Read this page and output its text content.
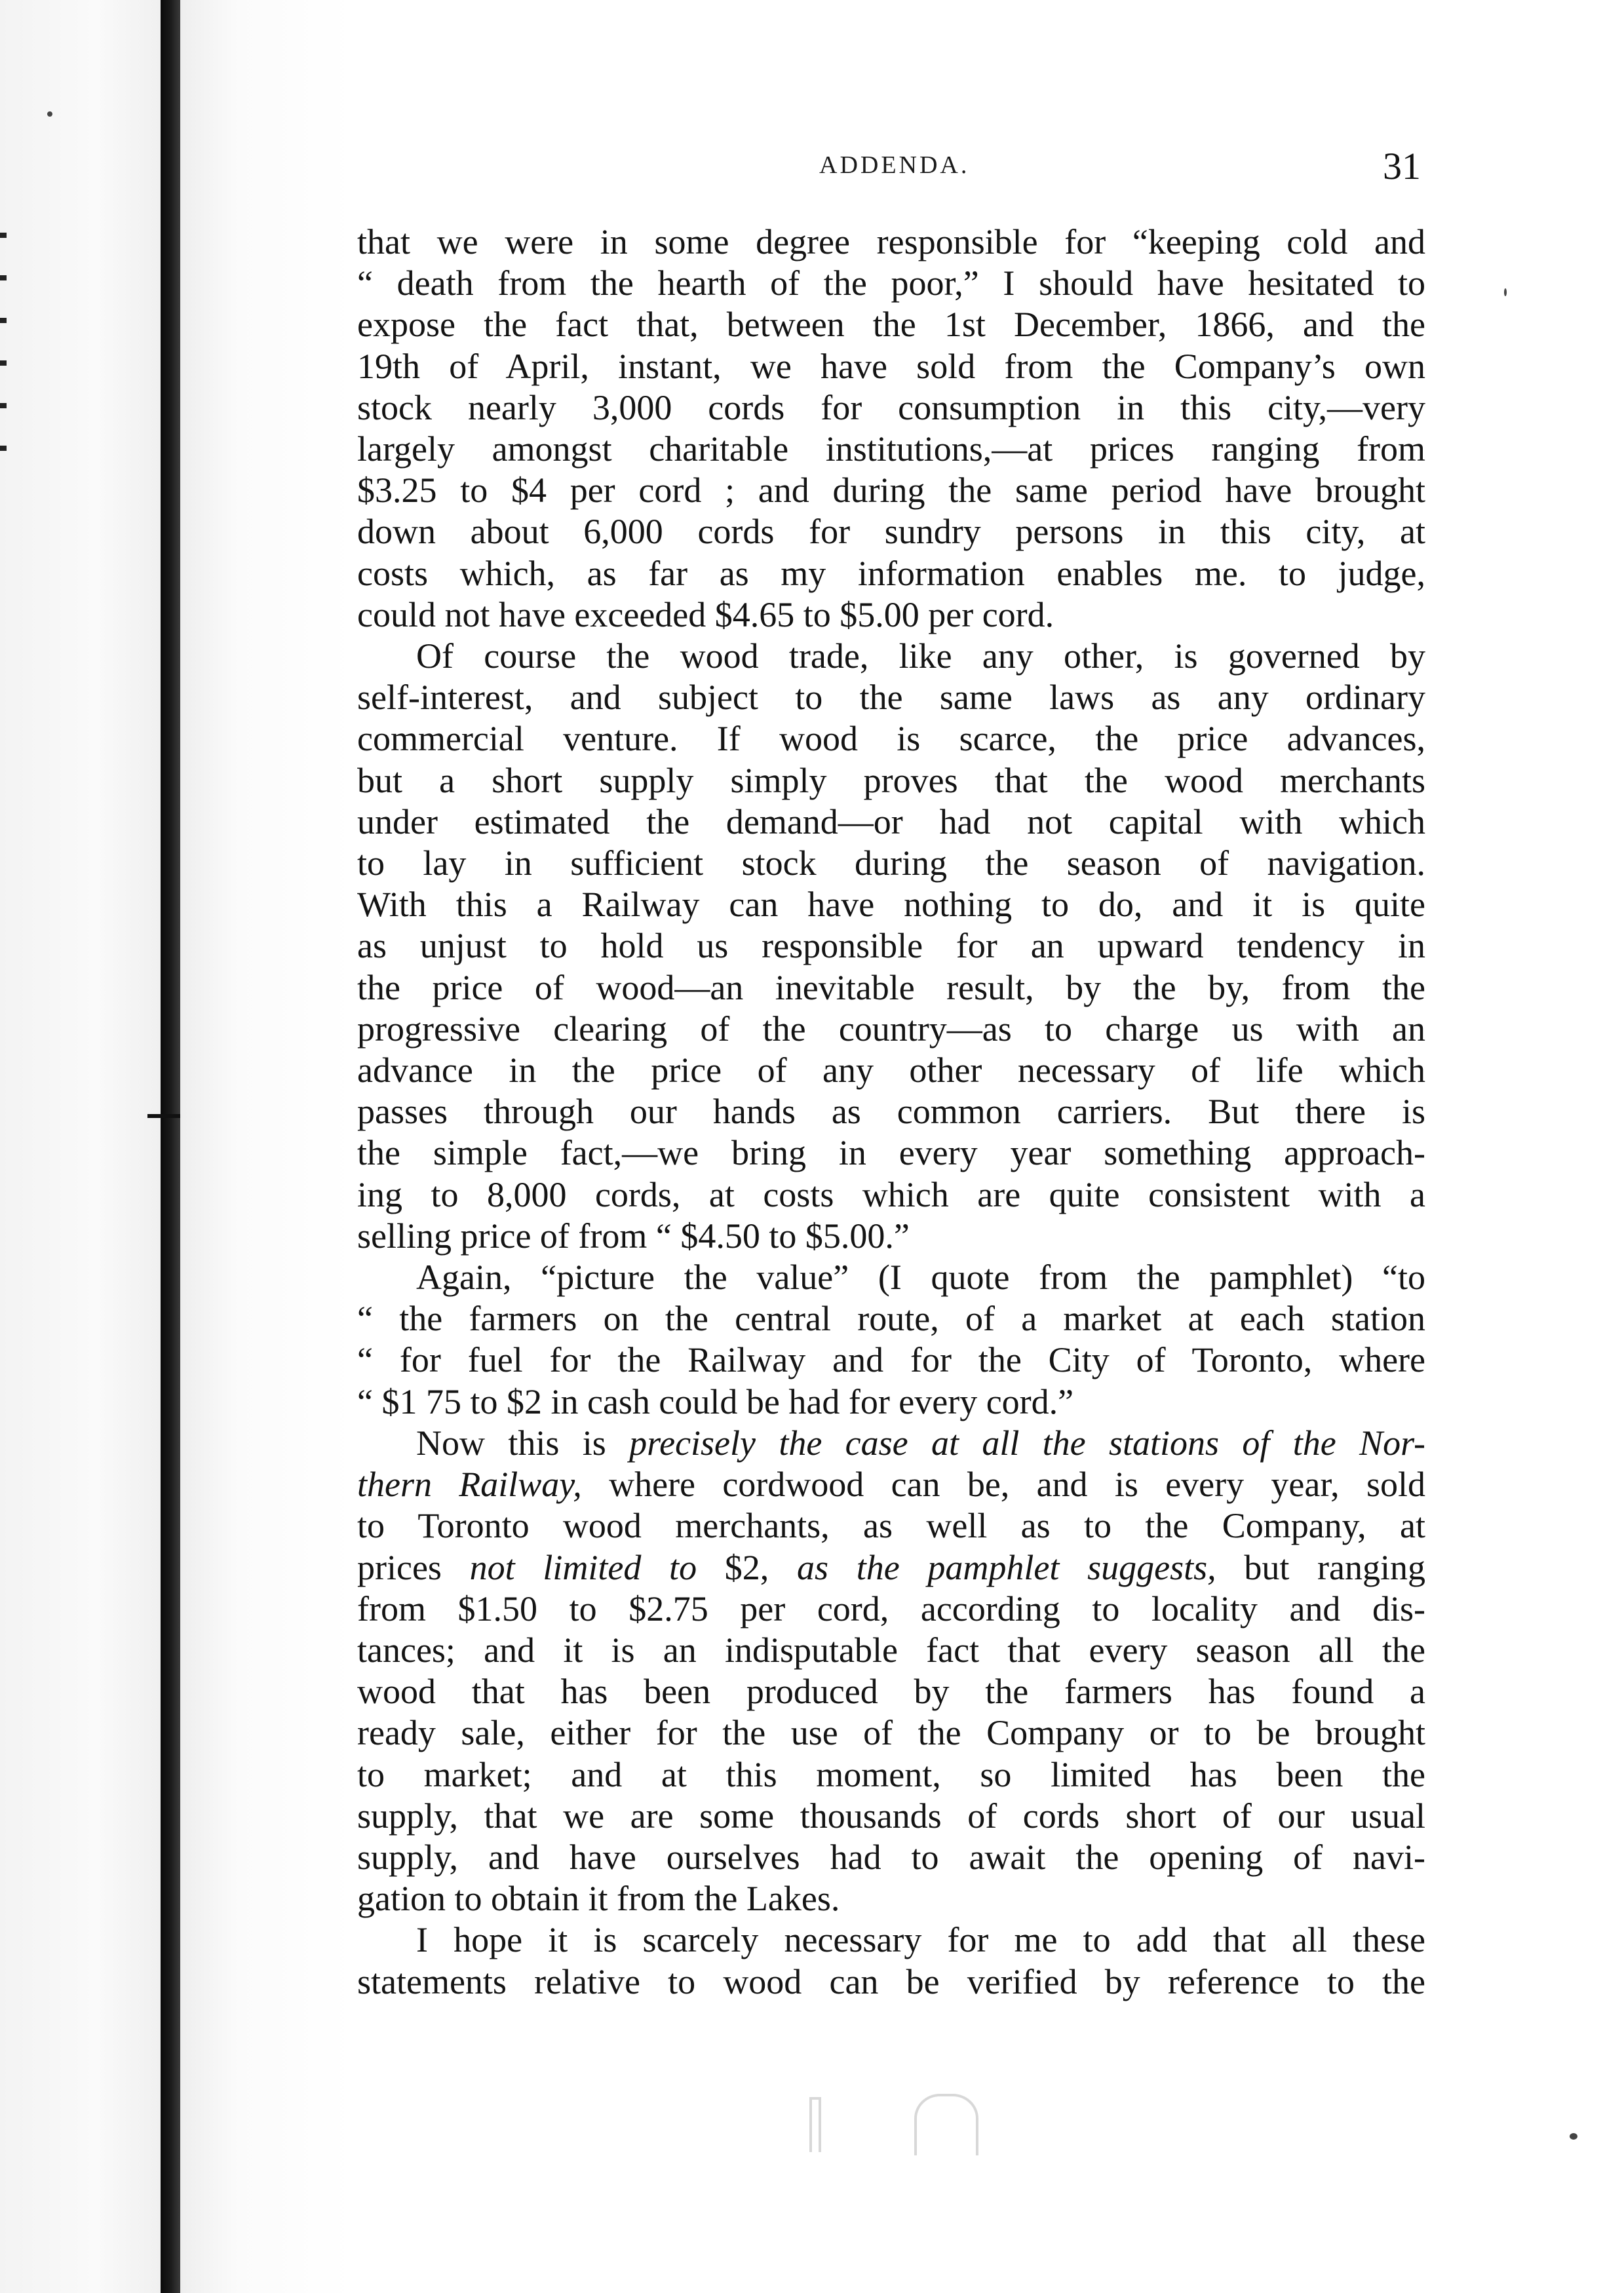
ADDENDA.	31

that we were in some degree responsible for “keeping cold and
“ death from the hearth of the poor,” I should have hesitated to
expose the fact that, between the 1st December, 1866, and the
19th of April, instant, we have sold from the Company’s own
stock nearly 3,000 cords for consumption in this city,—very
largely amongst charitable institutions,—at prices ranging from
$3.25 to $4 per cord ; and during the same period have brought
down about 6,000 cords for sundry persons in this city, at
costs which, as far as my information enables me. to judge,
could not have exceeded $4.65 to $5.00 per cord.

Of course the wood trade, like any other, is governed by
self-interest, and subject to the same laws as any ordinary
commercial venture. If wood is scarce, the price advances,
but a short supply simply proves that the wood merchants
under estimated the demand—or had not capital with which
to lay in sufficient stock during the season of navigation.
With this a Railway can have nothing to do, and it is quite
as unjust to hold us responsible for an upward tendency in
the price of wood—an inevitable result, by the by, from the
progressive clearing of the country—as to charge us with an
advance in the price of any other necessary of life which
passes through our hands as common carriers. But there is
the simple fact,—we bring in every year something approach-
ing to 8,000 cords, at costs which are quite consistent with a
selling price of from “ $4.50 to $5.00.”

Again, “picture the value” (I quote from the pamphlet) “to
“ the farmers on the central route, of a market at each station
“ for fuel for the Railway and for the City of Toronto, where
“ $1 75 to $2 in cash could be had for every cord.”

Now this is precisely the case at all the stations of the Nor-
thern Railway, where cordwood can be, and is every year, sold
to Toronto wood merchants, as well as to the Company, at
prices not limited to $2, as the pamphlet suggests, but ranging
from $1.50 to $2.75 per cord, according to locality and dis-
tances; and it is an indisputable fact that every season all the
wood that has been produced by the farmers has found a
ready sale, either for the use of the Company or to be brought
to market; and at this moment, so limited has been the
supply, that we are some thousands of cords short of our usual
supply, and have ourselves had to await the opening of navi-
gation to obtain it from the Lakes.

I hope it is scarcely necessary for me to add that all these
statements relative to wood can be verified by reference to the
